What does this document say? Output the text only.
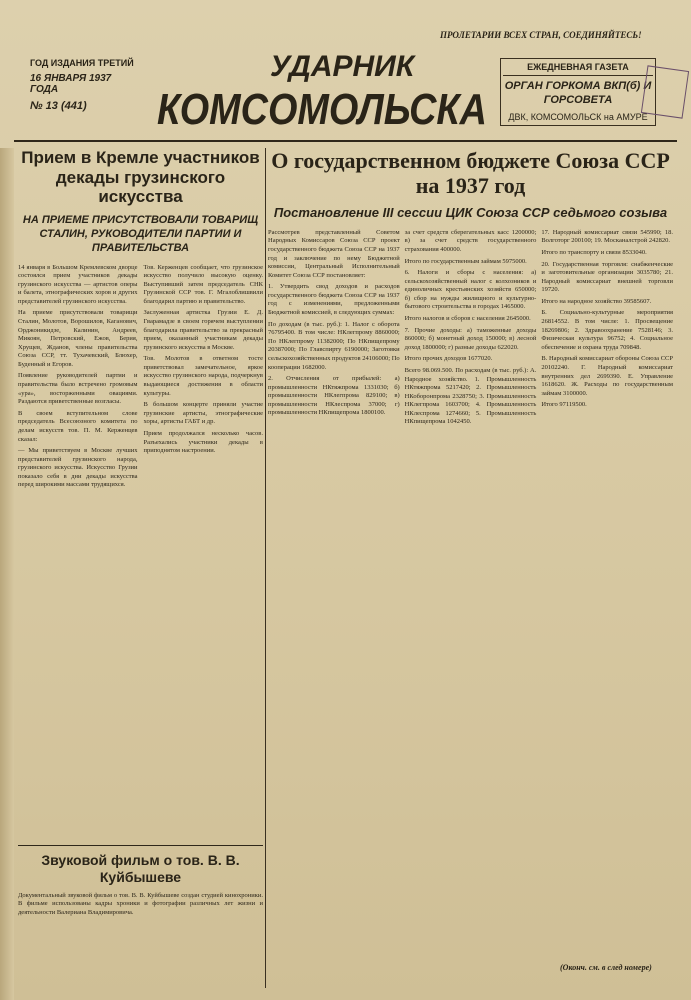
ПРОЛЕТАРИИ ВСЕХ СТРАН, СОЕДИНЯЙТЕСЬ!
ГОД ИЗДАНИЯ ТРЕТИЙ
16 ЯНВАРЯ 1937 ГОДА
№ 13 (441)
УДАРНИК
КОМСОМОЛЬСКА
ЕЖЕДНЕВНАЯ ГАЗЕТА
ОРГАН ГОРКОМА ВКП(б) И ГОРСОВЕТА
ДВК, КОМСОМОЛЬСК на АМУРЕ
Прием в Кремле участников декады грузинского искусства
НА ПРИЕМЕ ПРИСУТСТВОВАЛИ ТОВАРИЩ СТАЛИН, РУКОВОДИТЕЛИ ПАРТИИ И ПРАВИТЕЛЬСТВА

14 января в Большом Кремлевском дворце состоялся прием участников декады грузинского искусства — артистов оперы и балета, этнографических хоров и других представителей грузинского искусства.

На приеме присутствовали товарищи Сталин, Молотов, Ворошилов, Каганович, Орджоникидзе, Калинин, Андреев, Микоян, Петровский, Ежов, Берия, Хрущев, Жданов, члены правительства Союза ССР, тт. Тухачевский, Блюхер, Буденный и Егоров.

Появление руководителей партии и правительства было встречено громовым «ура», восторженными овациями. Раздаются приветственные возгласы.

В своем вступительном слове председатель Всесоюзного комитета по делам искусств тов. П. М. Керженцев сказал:

— Мы приветствуем в Москве лучших представителей грузинского народа, грузинского искусства. Искусство Грузии показало себя в дни декады искусства перед широкими массами трудящихся.

Тов. Керженцев сообщает, что грузинское искусство получило высокую оценку. Выступивший затем председатель СНК Грузинской ССР тов. Г. Мгалоблишвили благодарил партию и правительство.

Заслуженная артистка Грузии Е. Д. Гварамадзе в своем горячем выступлении благодарила правительство за прекрасный прием, оказанный участникам декады грузинского искусства в Москве.

Тов. Молотов в ответном тосте приветствовал замечательное, яркое искусство грузинского народа, подчеркнув выдающиеся достижения в области культуры.

В большом концерте приняли участие грузинские артисты, этнографические хоры, артисты ГАБТ и др.

Прием продолжался несколько часов. Разъехались участники декады в приподнятом настроении.

Звуковой фильм о тов. В. В. Куйбышеве

Документальный звуковой фильм о тов. В. В. Куйбышеве создан студией кинохроники. В фильме использованы кадры хроники и фотографии различных лет жизни и деятельности Валериана Владимировича.

О государственном бюджете Союза ССР на 1937 год
Постановление III сессии ЦИК Союза ССР седьмого созыва

Рассмотрев представленный Советом Народных Комиссаров Союза ССР проект государственного бюджета Союза ССР на 1937 год и заключение по нему Бюджетной комиссии, Центральный Исполнительный Комитет Союза ССР постановляет:

1. Утвердить свод доходов и расходов государственного бюджета Союза ССР на 1937 год с изменениями, предложенными Бюджетной комиссией, в следующих суммах:

По доходам (в тыс. руб.): 1. Налог с оборота 76795400. В том числе: НКлегпрому 8860000; По НКлегпрому 11382000; По НКпищепрому 20387000; По Главспирту 6190000; Заготовки сельскохозяйственных продуктов 24106000; По кооперации 1682000.

2. Отчисления от прибылей: а) промышленности НКтяжпрома 1331030; б) промышленности НКлегпрома 829100; в) промышленности НКлеспрома 37000; г) промышленности НКпищепрома 1800100.

за счет средств сберегательных касс 1200000; в) за счет средств государственного страхования 400000.

Итого по государственным займам 5975000.

6. Налоги и сборы с населения: а) сельскохозяйственный налог с колхозников и единоличных крестьянских хозяйств 650000; б) сбор на нужды жилищного и культурно-бытового строительства в городах 1465000.

Итого налогов и сборов с населения 2645000.

7. Прочие доходы: а) таможенные доходы 860000; б) монетный доход 150000; в) лесной доход 1800000; г) разные доходы 622020.

Итого прочих доходов 1677020.

Всего 98.069.500. По расходам (в тыс. руб.): А. Народное хозяйство. 1. Промышленность НКтяжпрома 5217420; 2. Промышленность НКоборонпрома 2328750; 3. Промышленность НКлегпрома 1603700; 4. Промышленность НКлеспрома 1274660; 5. Промышленность НКпищепрома 1042450.

17. Народный комиссариат связи 545990; 18. Волготорг 200100; 19. Москаналстрой 242820.

Итого по транспорту и связи 8533040.

20. Государственная торговля: снабженческие и заготовительные организации 3035780; 21. Народный комиссариат внешней торговли 19720.

Итого на народное хозяйство 39585607.

Б. Социально-культурные мероприятия 26814552. В том числе: 1. Просвещение 18269806; 2. Здравоохранение 7528146; 3. Физическая культура 96752; 4. Социальное обеспечение и охрана труда 709848.

В. Народный комиссариат обороны Союза ССР 20102240. Г. Народный комиссариат внутренних дел 2699390. Е. Управление 1618620. Ж. Расходы по государственным займам 3100000.

Итого 97119500.

(Оконч. см. в след номере)
